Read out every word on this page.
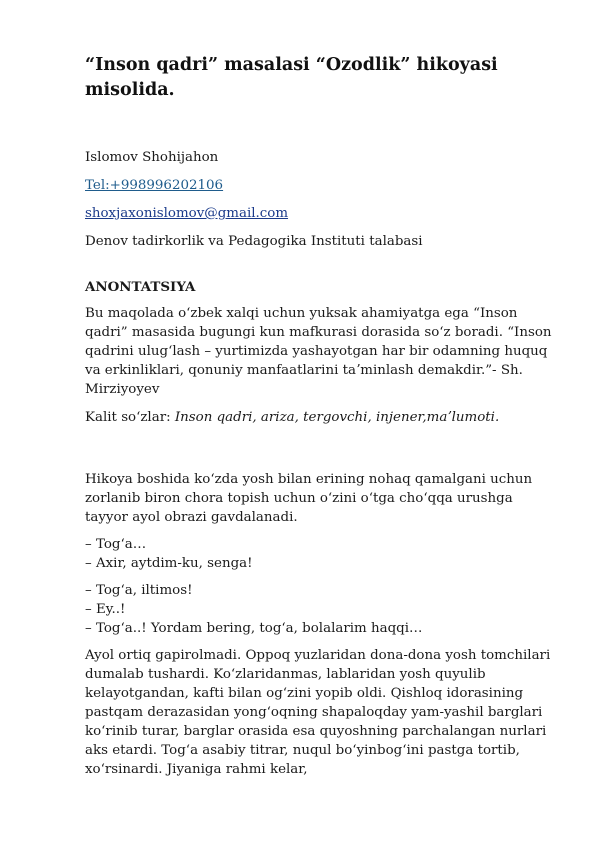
“Inson qadri” masalasi “Ozodlik” hikoyasi misolida.

Islomov Shohijahon

Tel:+998996202106

shoxjaxonislomov@gmail.com

Denov tadirkorlik va Pedagogika Instituti talabasi

ANONTATSIYA

Bu maqolada oʻzbek xalqi uchun yuksak ahamiyatga ega “Inson qadri” masasida bugungi kun mafkurasi dorasida soʻz boradi. “Inson qadrini ulugʻlash – yurtimizda yashayotgan har bir odamning huquq va erkinliklari, qonuniy manfaatlarini taʼminlash demakdir.”- Sh. Mirziyoyev

Kalit soʻzlar: Inson qadri, ariza, tergovchi, injener,maʼlumoti.

Hikoya boshida koʻzda yosh bilan erining nohaq qamalgani uchun zorlanib biron chora topish uchun oʻzini oʻtga choʻqqa urushga tayyor ayol obrazi gavdalanadi.

– Togʻa…

– Axir, aytdim-ku, senga!

– Togʻa, iltimos!

– Ey..!

– Togʻa..! Yordam bering, togʻa, bolalarim haqqi…

Ayol ortiq gapirolmadi. Oppoq yuzlaridan dona-dona yosh tomchilari dumalab tushardi. Koʻzlaridanmas, lablaridan yosh quyulib kelayotgandan, kafti bilan ogʻzini yopib oldi. Qishloq idorasining pastqam derazasidan yongʻoqning shapaloqday yam-yashil barglari koʻrinib turar, barglar orasida esa quyoshning parchalangan nurlari aks etardi. Togʻa asabiy titrar, nuqul boʻyinbogʻini pastga tortib, xoʻrsinardi. Jiyaniga rahmi kelar,
